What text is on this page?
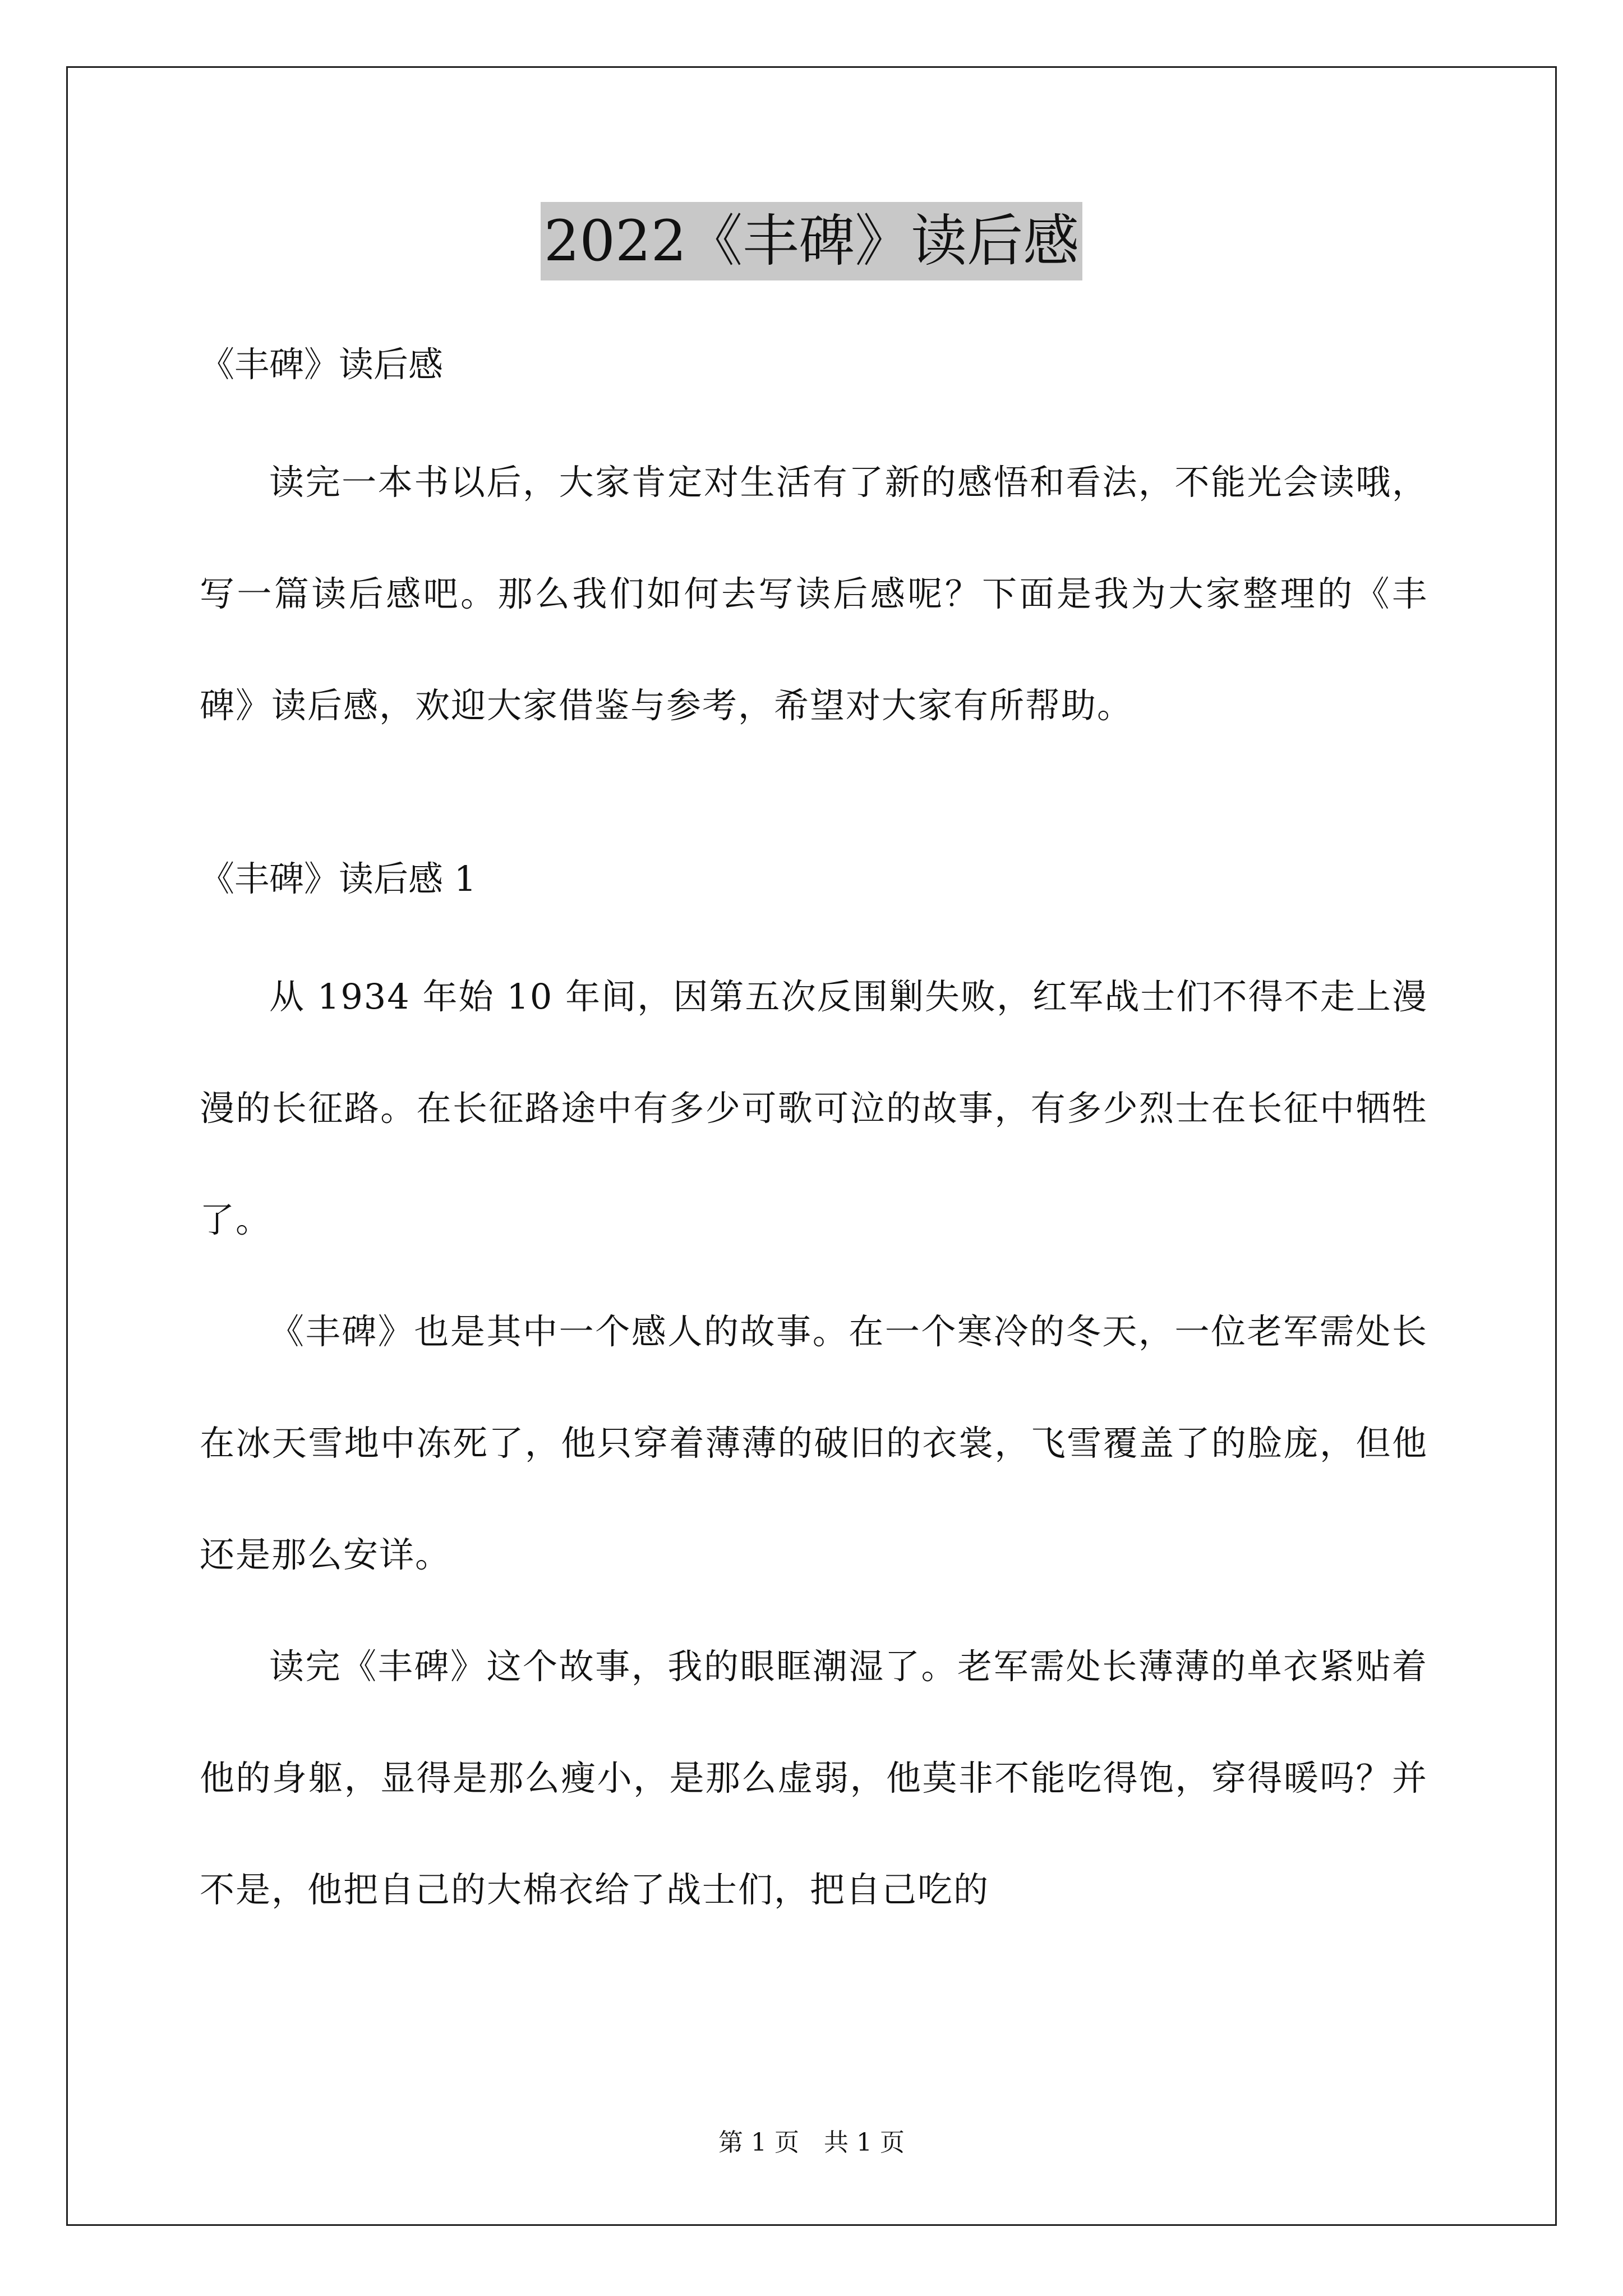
2022《丰碑》读后感
《丰碑》读后感

读完一本书以后，大家肯定对生活有了新的感悟和看法，不能光会读哦，写一篇读后感吧。那么我们如何去写读后感呢？下面是我为大家整理的《丰碑》读后感，欢迎大家借鉴与参考，希望对大家有所帮助。

《丰碑》读后感 1

从 1934 年始 10 年间，因第五次反围剿失败，红军战士们不得不走上漫漫的长征路。在长征路途中有多少可歌可泣的故事，有多少烈士在长征中牺牲了。

《丰碑》也是其中一个感人的故事。在一个寒冷的冬天，一位老军需处长在冰天雪地中冻死了，他只穿着薄薄的破旧的衣裳，飞雪覆盖了的脸庞，但他还是那么安详。

读完《丰碑》这个故事，我的眼眶潮湿了。老军需处长薄薄的单衣紧贴着他的身躯，显得是那么瘦小，是那么虚弱，他莫非不能吃得饱，穿得暖吗？并不是，他把自己的大棉衣给了战士们，把自己吃的

第 1 页　共 1 页
